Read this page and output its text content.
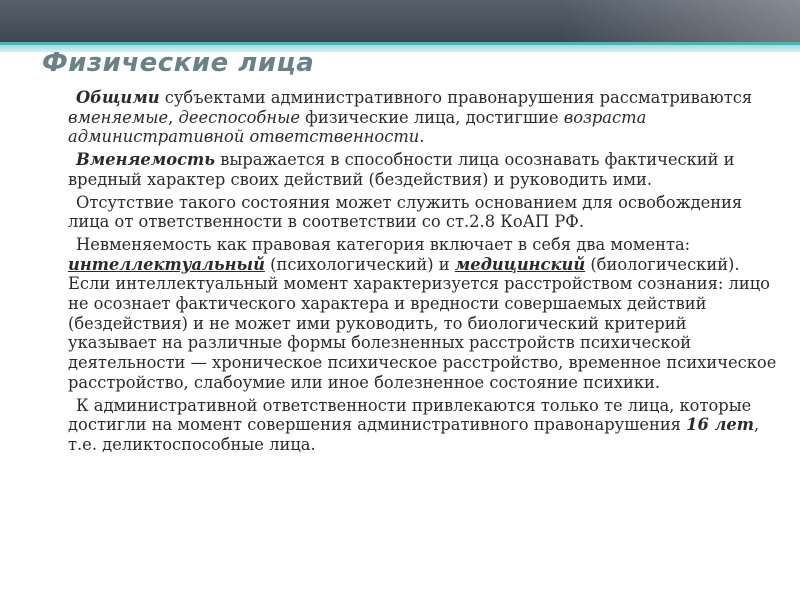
Физические лица

Общими субъектами административного правонарушения рассматриваются вменяемые, дееспособные физические лица, достигшие возраста административной ответственности.

Вменяемость выражается в способности лица осознавать фактический и вредный характер своих действий (бездействия) и руководить ими.

Отсутствие такого состояния может служить основанием для освобождения лица от ответственности в соответствии со ст.2.8 КоАП РФ.

Невменяемость как правовая категория включает в себя два момента: интеллектуальный (психологический) и медицинский (биологический). Если интеллектуальный момент характеризуется расстройством сознания: лицо не осознает фактического характера и вредности совершаемых действий (бездействия) и не может ими руководить, то биологический критерий указывает на различные формы болезненных расстройств психической деятельности — хроническое психическое расстройство, временное психическое расстройство, слабоумие или иное болезненное состояние психики.

К административной ответственности привлекаются только те лица, которые достигли на момент совершения административного правонарушения 16 лет, т.е. деликтоспособные лица.
